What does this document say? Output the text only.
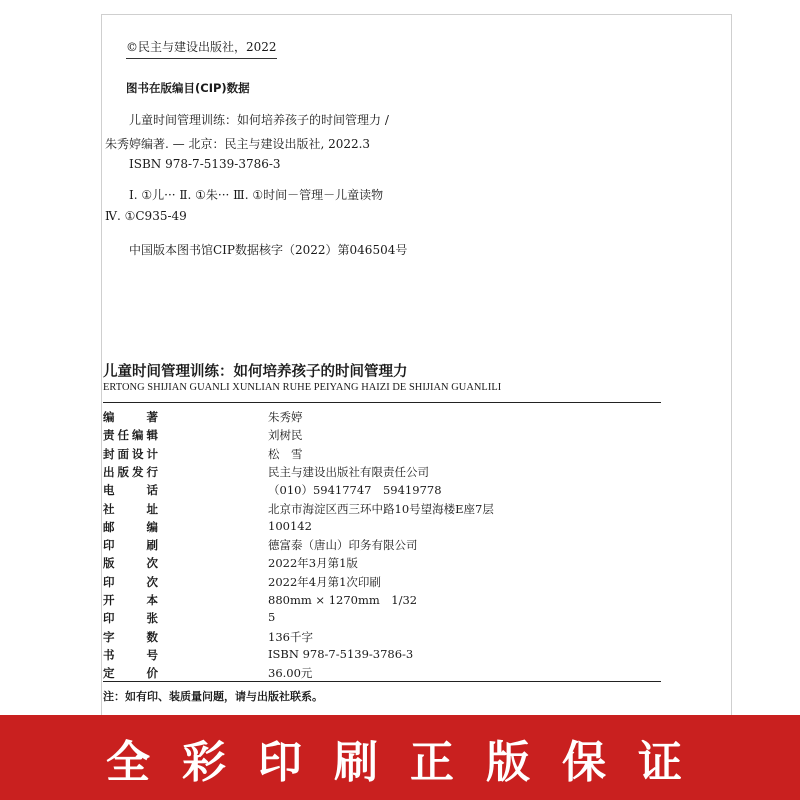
©民主与建设出版社，2022
图书在版编目(CIP)数据
儿童时间管理训练：如何培养孩子的时间管理力 /
朱秀婷编著. — 北京：民主与建设出版社, 2022.3
ISBN 978-7-5139-3786-3
Ⅰ. ①儿··· Ⅱ. ①朱··· Ⅲ. ①时间－管理－儿童读物
Ⅳ. ①C935-49
中国版本图书馆CIP数据核字（2022）第046504号
儿童时间管理训练：如何培养孩子的时间管理力
ERTONG SHIJIAN GUANLI XUNLIAN RUHE PEIYANG HAIZI DE SHIJIAN GUANLILI
编　著	朱秀婷
责任编辑	刘树民
封面设计	松　雪
出版发行	民主与建设出版社有限责任公司
电　话	（010）59417747　59419778
社　址	北京市海淀区西三环中路10号望海楼E座7层
邮　编	100142
印　刷	德富泰（唐山）印务有限公司
版　次	2022年3月第1版
印　次	2022年4月第1次印刷
开　本	880mm × 1270mm　1/32
印　张	5
字　数	136千字
书　号	ISBN 978-7-5139-3786-3
定　价	36.00元
注：如有印、装质量问题，请与出版社联系。
全彩印刷正版保证
